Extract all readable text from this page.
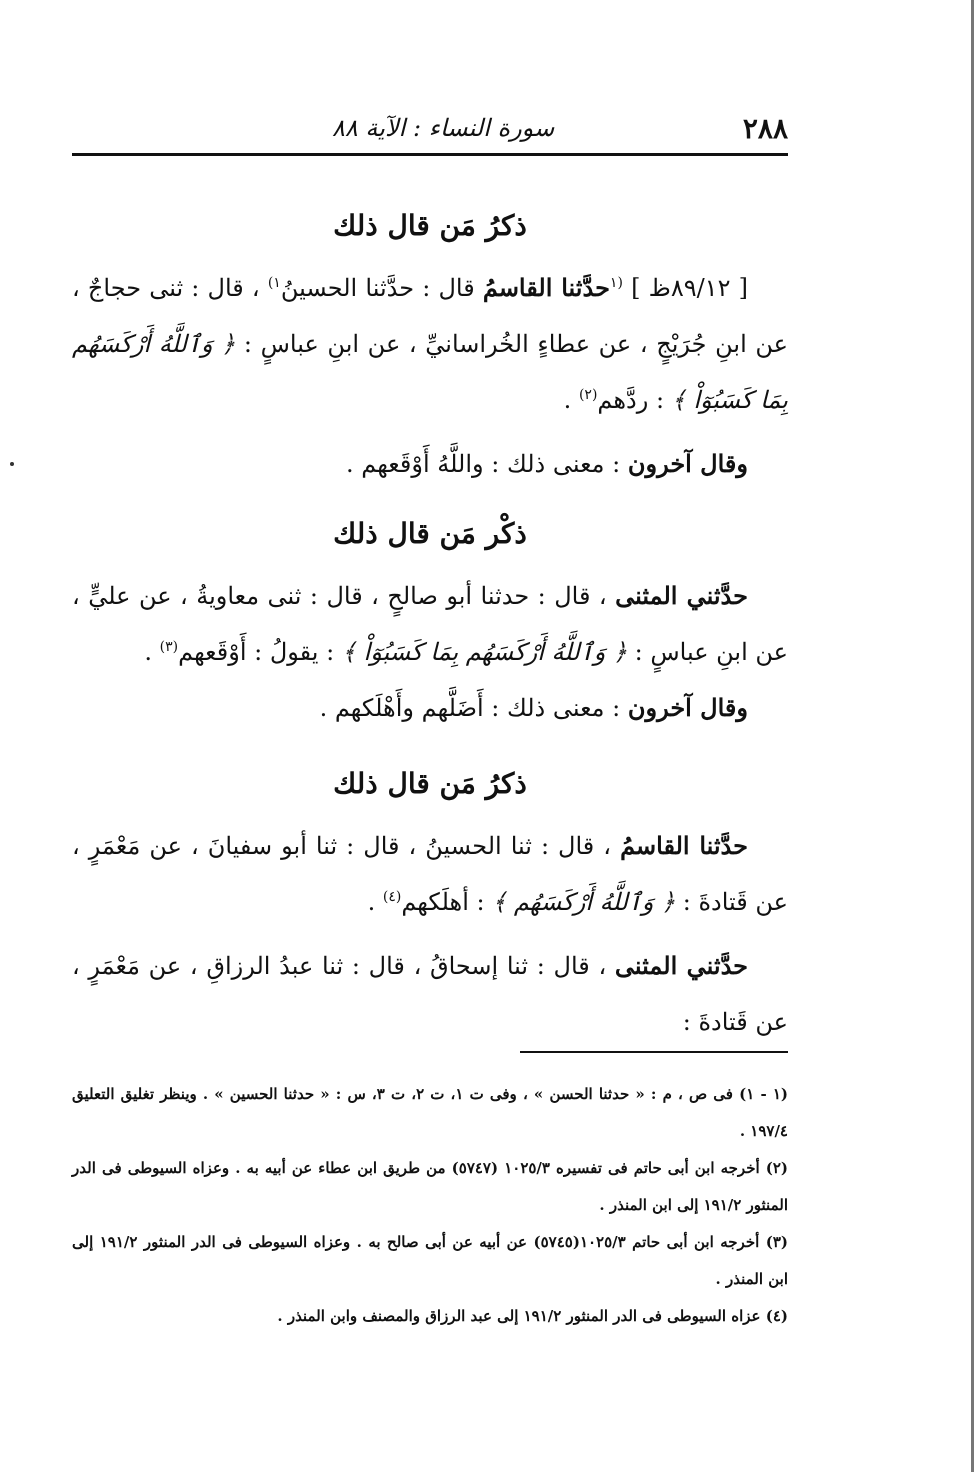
٢٨٨
سورة النساء : الآية ٨٨
ذكرُ مَن قال ذلك

[ ٨٩/١٢ظ ] $^{(١}$حدَّثنا القاسمُ قال : حدَّثنا الحسينُ$^{١)}$ ، قال : ثنى حجاجٌ ، عن ابنِ جُرَيْجٍ ، عن عطاءٍ الخُراسانيِّ ، عن ابنِ عباسٍ : ﴿ وَٱللَّهُ أَرْكَسَهُم بِمَا كَسَبُوٓاْ ﴾ : ردَّهم$^{(٢)}$ .

وقال آخرون : معنى ذلك : واللَّهُ أَوْقَعهم .

ذكْر مَن قال ذلك

حدَّثني المثنى ، قال : حدثنا أبو صالحٍ ، قال : ثنى معاويةُ ، عن عليٍّ ، عن ابنِ عباسٍ : ﴿ وَٱللَّهُ أَرْكَسَهُم بِمَا كَسَبُوٓاْ ﴾ : يقولُ : أَوْقَعهم$^{(٣)}$ .

وقال آخرون : معنى ذلك : أَضَلَّهم وأَهْلَكهم .

ذكرُ مَن قال ذلك

حدَّثنا القاسمُ ، قال : ثنا الحسينُ ، قال : ثنا أبو سفيانَ ، عن مَعْمَرٍ ، عن قَتادةَ : ﴿ وَٱللَّهُ أَرْكَسَهُم ﴾ : أهلَكهم$^{(٤)}$ .

حدَّثني المثنى ، قال : ثنا إسحاقُ ، قال : ثنا عبدُ الرزاقِ ، عن مَعْمَرٍ ، عن قَتادةَ :

(١ - ١) فى ص ، م : « حدثنا الحسن » ، وفى ت ١، ت ٢، ت ٣، س : « حدثنا الحسين » . وينظر تغليق التعليق ١٩٧/٤ .

(٢) أخرجه ابن أبى حاتم فى تفسيره ١٠٢٥/٣ (٥٧٤٧) من طريق ابن عطاء عن أبيه به . وعزاه السيوطى فى الدر المنثور ١٩١/٢ إلى ابن المنذر .

(٣) أخرجه ابن أبى حاتم ١٠٢٥/٣(٥٧٤٥) عن أبيه عن أبى صالح به . وعزاه السيوطى فى الدر المنثور ١٩١/٢ إلى ابن المنذر .

(٤) عزاه السيوطى فى الدر المنثور ١٩١/٢ إلى عبد الرزاق والمصنف وابن المنذر .
